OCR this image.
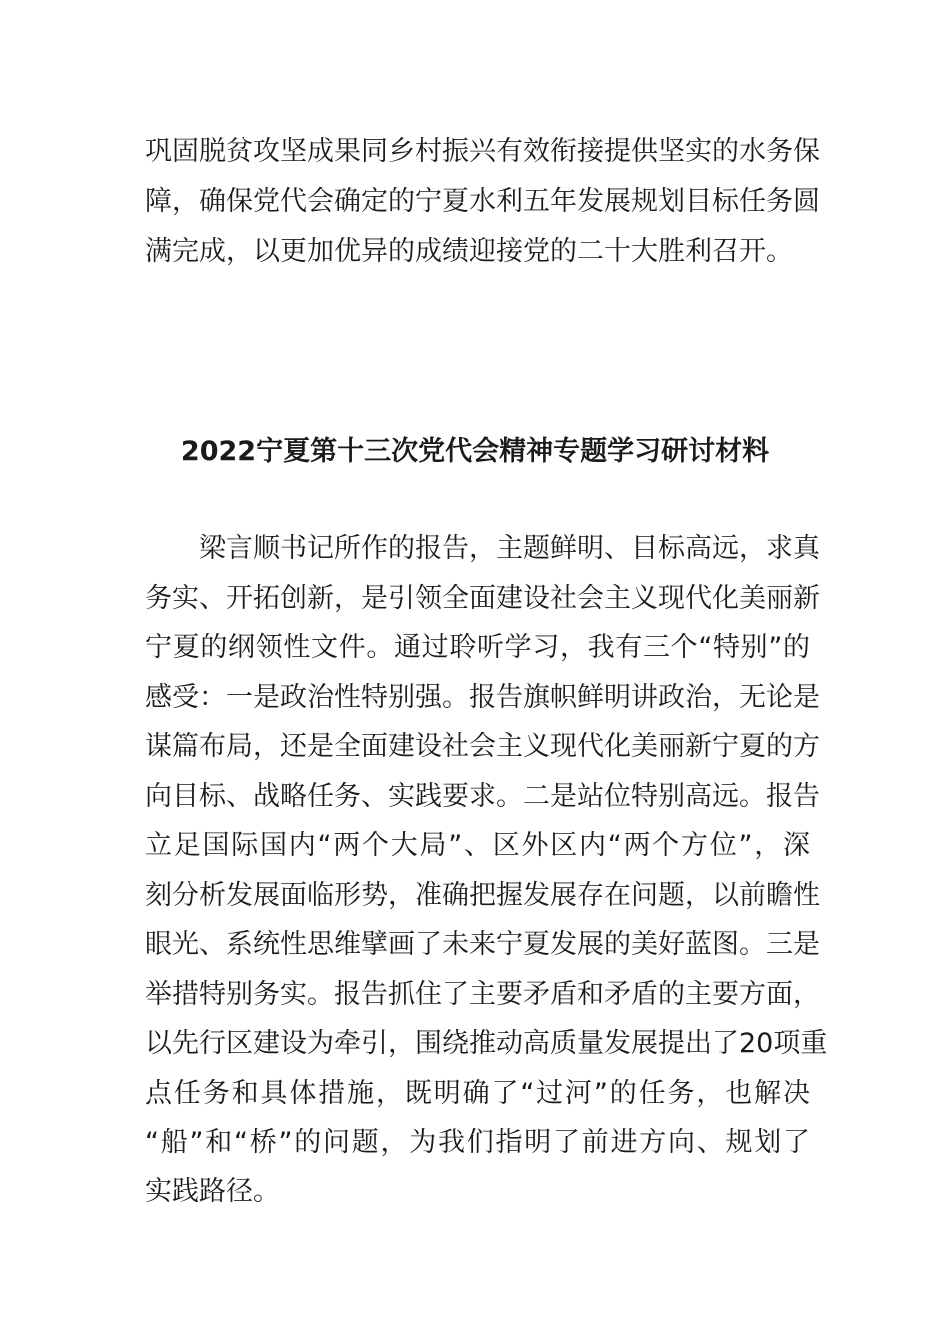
巩固脱贫攻坚成果同乡村振兴有效衔接提供坚实的水务保
障，确保党代会确定的宁夏水利五年发展规划目标任务圆
满完成，以更加优异的成绩迎接党的二十大胜利召开。
2022宁夏第十三次党代会精神专题学习研讨材料
　　梁言顺书记所作的报告，主题鲜明、目标高远，求真
务实、开拓创新，是引领全面建设社会主义现代化美丽新
宁夏的纲领性文件。通过聆听学习，我有三个“特别”的
感受：一是政治性特别强。报告旗帜鲜明讲政治，无论是
谋篇布局，还是全面建设社会主义现代化美丽新宁夏的方
向目标、战略任务、实践要求。二是站位特别高远。报告
立足国际国内“两个大局”、区外区内“两个方位”，深
刻分析发展面临形势，准确把握发展存在问题，以前瞻性
眼光、系统性思维擘画了未来宁夏发展的美好蓝图。三是
举措特别务实。报告抓住了主要矛盾和矛盾的主要方面，
以先行区建设为牵引，围绕推动高质量发展提出了20项重
点任务和具体措施，既明确了“过河”的任务，也解决
“船”和“桥”的问题，为我们指明了前进方向、规划了
实践路径。
